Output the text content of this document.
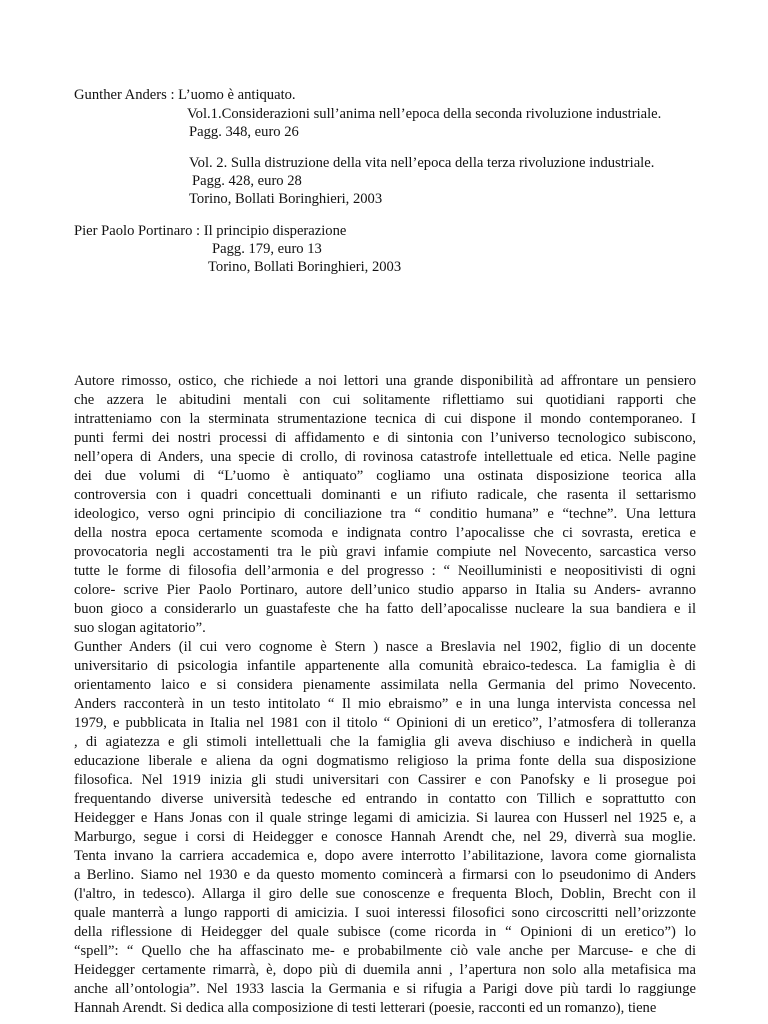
Gunther Anders : L’uomo è antiquato.
Vol.1.Considerazioni sull’anima nell’epoca della seconda rivoluzione industriale.
Pagg. 348, euro 26
Vol. 2. Sulla distruzione della vita nell’epoca della terza rivoluzione industriale.
Pagg. 428, euro 28
Torino, Bollati Boringhieri, 2003
Pier Paolo Portinaro : Il principio disperazione
Pagg. 179, euro 13
Torino, Bollati Boringhieri, 2003
Autore rimosso, ostico, che richiede a noi lettori una grande disponibilità ad affrontare un pensiero
che azzera le abitudini mentali con cui solitamente riflettiamo sui quotidiani rapporti che
intratteniamo con la sterminata strumentazione tecnica di cui dispone il mondo contemporaneo. I
punti fermi dei nostri processi di affidamento e di sintonia con l’universo tecnologico subiscono,
nell’opera di Anders, una specie di crollo, di rovinosa catastrofe intellettuale ed etica. Nelle pagine
dei due volumi di “L’uomo è antiquato” cogliamo una ostinata disposizione teorica alla
controversia con i quadri concettuali dominanti e un rifiuto radicale, che rasenta il settarismo
ideologico, verso ogni principio di conciliazione tra “ conditio humana” e “techne”. Una lettura
della nostra epoca certamente scomoda e indignata contro l’apocalisse che ci sovrasta, eretica e
provocatoria negli accostamenti tra le più gravi infamie compiute nel Novecento, sarcastica verso
tutte le forme di filosofia dell’armonia e del progresso : “ Neoilluministi e neopositivisti di ogni
colore- scrive Pier Paolo Portinaro, autore dell’unico studio apparso in Italia su Anders- avranno
buon gioco a considerarlo un guastafeste che ha fatto dell’apocalisse nucleare la sua bandiera e il
suo slogan agitatorio”.
Gunther Anders (il cui vero cognome è Stern ) nasce a Breslavia nel 1902, figlio di un docente
universitario di psicologia infantile appartenente alla comunità ebraico-tedesca. La famiglia è di
orientamento laico e si considera pienamente assimilata nella Germania del primo Novecento.
Anders racconterà in un testo intitolato “ Il mio ebraismo” e in una lunga intervista concessa nel
1979, e pubblicata in Italia nel 1981 con il titolo “ Opinioni di un eretico”, l’atmosfera di tolleranza
, di agiatezza e gli stimoli intellettuali che la famiglia gli aveva dischiuso e indicherà in quella
educazione liberale e aliena da ogni dogmatismo religioso la prima fonte della sua disposizione
filosofica. Nel 1919 inizia gli studi universitari con Cassirer e con Panofsky e li prosegue poi
frequentando diverse università tedesche ed entrando in contatto con Tillich e soprattutto con
Heidegger e Hans Jonas con il quale stringe legami di amicizia. Si laurea con Husserl nel 1925 e, a
Marburgo, segue i corsi di Heidegger e conosce Hannah Arendt che, nel 29, diverrà sua moglie.
Tenta invano la carriera accademica e, dopo avere interrotto l’abilitazione, lavora come giornalista
a Berlino. Siamo nel 1930 e da questo momento comincerà a firmarsi con lo pseudonimo di Anders
(l'altro, in tedesco). Allarga il giro delle sue conoscenze e frequenta Bloch, Doblin, Brecht con il
quale manterrà a lungo rapporti di amicizia. I suoi interessi filosofici sono circoscritti nell’orizzonte
della riflessione di Heidegger del quale subisce (come ricorda in “ Opinioni di un eretico”) lo
“spell”: “ Quello che ha affascinato me- e probabilmente ciò vale anche per Marcuse- e che di
Heidegger certamente rimarrà, è, dopo più di duemila anni , l’apertura non solo alla metafisica ma
anche all’ontologia”. Nel 1933 lascia la Germania e si rifugia a Parigi dove più tardi lo raggiunge
Hannah Arendt. Si dedica alla composizione di testi letterari (poesie, racconti ed un romanzo), tiene
